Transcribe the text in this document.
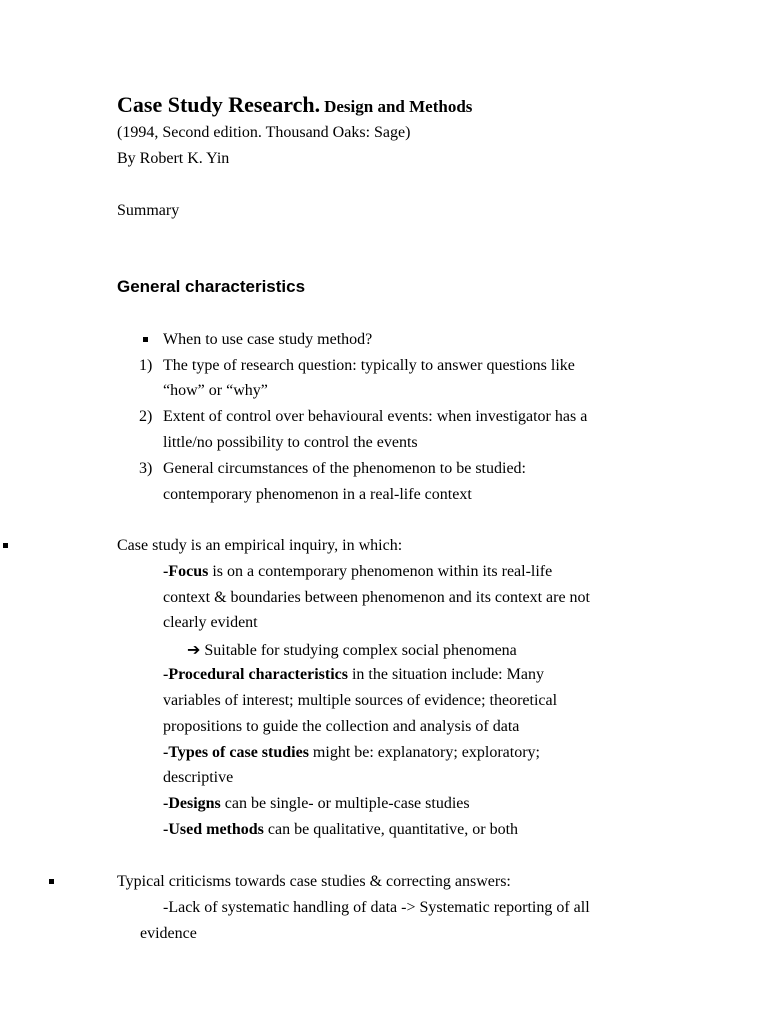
Case Study Research. Design and Methods
(1994, Second edition. Thousand Oaks: Sage)
By Robert K. Yin
Summary
General characteristics
When to use case study method?
1) The type of research question: typically to answer questions like
“how” or “why”
2) Extent of control over behavioural events: when investigator has a
little/no possibility to control the events
3) General circumstances of the phenomenon to be studied:
contemporary phenomenon in a real-life context
Case study is an empirical inquiry, in which:
-Focus is on a contemporary phenomenon within its real-life
context & boundaries between phenomenon and its context are not
clearly evident
➔ Suitable for studying complex social phenomena
-Procedural characteristics in the situation include: Many
variables of interest; multiple sources of evidence; theoretical
propositions to guide the collection and analysis of data
-Types of case studies might be: explanatory; exploratory;
descriptive
-Designs can be single- or multiple-case studies
-Used methods can be qualitative, quantitative, or both
Typical criticisms towards case studies & correcting answers:
-Lack of systematic handling of data -> Systematic reporting of all
evidence
